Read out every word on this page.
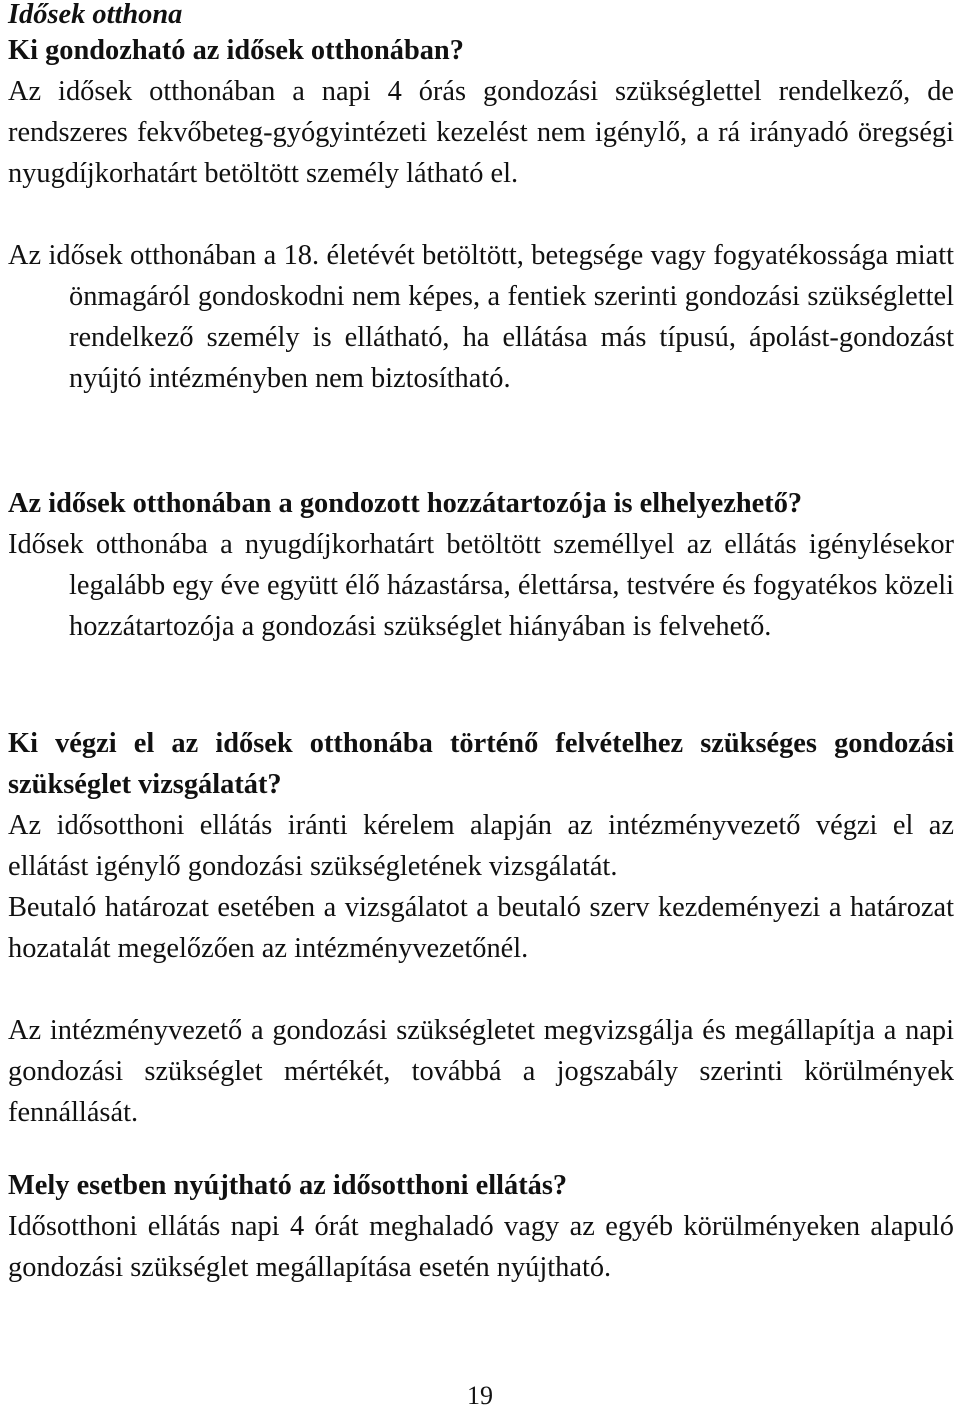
Idősek otthona
Ki gondozható az idősek otthonában?
Az idősek otthonában a napi 4 órás gondozási szükséglettel rendelkező, de rendszeres fekvőbeteg-gyógyintézeti kezelést nem igénylő, a rá irányadó öregségi nyugdíjkorhatárt betöltött személy látható el.
Az idősek otthonában a 18. életévét betöltött, betegsége vagy fogyatékossága miatt önmagáról gondoskodni nem képes, a fentiek szerinti gondozási szükséglettel rendelkező személy is ellátható, ha ellátása más típusú, ápolást-gondozást nyújtó intézményben nem biztosítható.
Az idősek otthonában a gondozott hozzátartozója is elhelyezhető?
Idősek otthonába a nyugdíjkorhatárt betöltött személlyel az ellátás igénylésekor legalább egy éve együtt élő házastársa, élettársa, testvére és fogyatékos közeli hozzátartozója a gondozási szükséglet hiányában is felvehető.
Ki végzi el az idősek otthonába történő felvételhez szükséges gondozási szükséglet vizsgálatát?
Az idősotthoni ellátás iránti kérelem alapján az intézményvezető végzi el az ellátást igénylő gondozási szükségletének vizsgálatát.
Beutaló határozat esetében a vizsgálatot a beutaló szerv kezdeményezi a határozat hozatalát megelőzően az intézményvezetőnél.
Az intézményvezető a gondozási szükségletet megvizsgálja és megállapítja a napi gondozási szükséglet mértékét, továbbá a jogszabály szerinti körülmények fennállását.
Mely esetben nyújtható az idősotthoni ellátás?
Idősotthoni ellátás napi 4 órát meghaladó vagy az egyéb körülményeken alapuló gondozási szükséglet megállapítása esetén nyújtható.
19
